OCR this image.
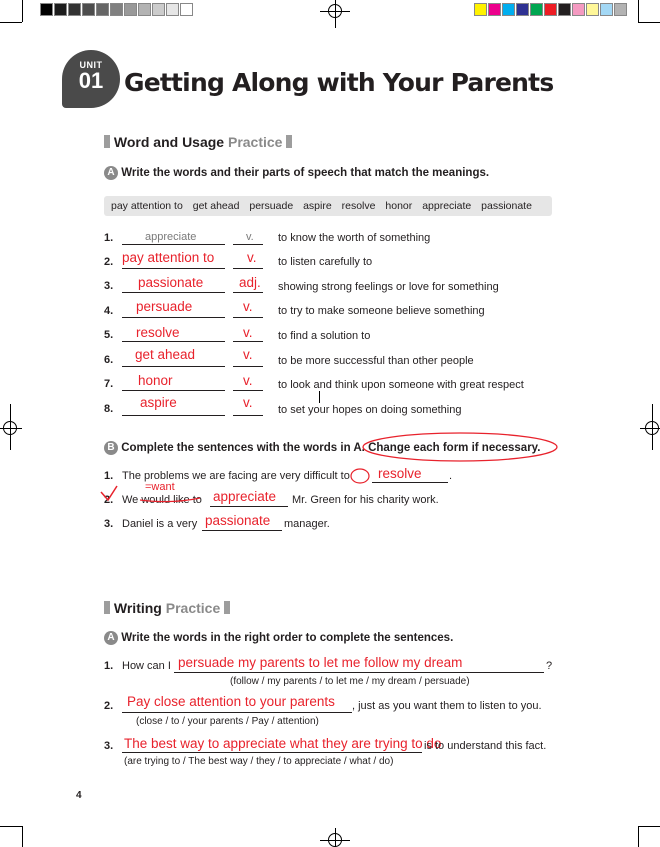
UNIT
01 Getting Along with Your Parents
Word and Usage Practice
A Write the words and their parts of speech that match the meanings.
pay attention to get ahead persuade aspire resolve honor appreciate passionate
1.	appreciate	v. to know the worth of something
2. pay attention to v. to listen carefully to
3. passionate	adj. showing strong feelings or love for something
4. persuade	v. to try to make someone believe something
5. resolve	v. to find a solution to
6. get ahead	v. to be more successful than other people
7. honor	v. to look and think upon someone with great respect
8. aspire	v. to set your hopes on doing something
B Complete the sentences with the words in A. Change each form if necessary.
1. The problems we are facing are very difficult to resolve .
2. We would like to appreciate Mr. Green for his charity work.
=want
3. Daniel is a very passionate manager.
Writing Practice
A Write the words in the right order to complete the sentences.
1. How can I persuade my parents to let me follow my dream	?
(follow / my parents / to let me / my dream / persuade)
2. Pay close attention to your parents , just as you want them to listen to you.
(close / to / your parents / Pay / attention)
3. The best way to appreciate what they are trying to do
is to understand this fact.
(are trying to / The best way / they / to appreciate / what / do)
4
